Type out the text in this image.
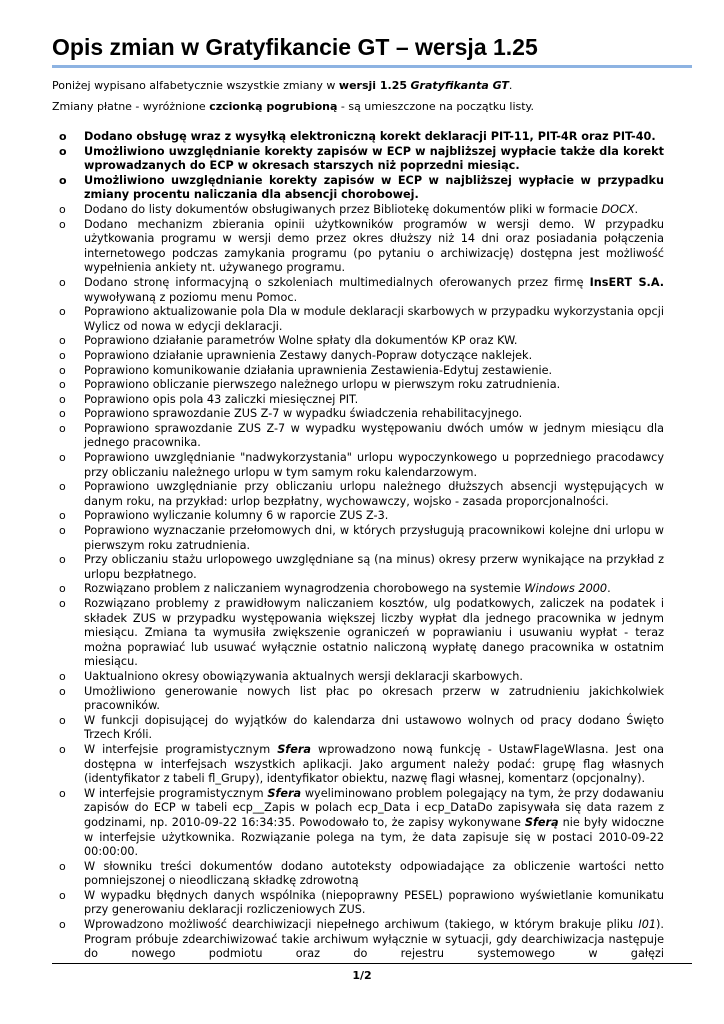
Opis zmian w Gratyfikancie GT – wersja 1.25

Poniżej wypisano alfabetycznie wszystkie zmiany w wersji 1.25 Gratyfikanta GT.

Zmiany płatne - wyróżnione czcionką pogrubioną - są umieszczone na początku listy.

o Dodano obsługę wraz z wysyłką elektroniczną korekt deklaracji PIT-11, PIT-4R oraz PIT-40.
o Umożliwiono uwzględnianie korekty zapisów w ECP w najbliższej wypłacie także dla korekt wprowadzanych do ECP w okresach starszych niż poprzedni miesiąc.
o Umożliwiono uwzględnianie korekty zapisów w ECP w najbliższej wypłacie w przypadku zmiany procentu naliczania dla absencji chorobowej.
o Dodano do listy dokumentów obsługiwanych przez Bibliotekę dokumentów pliki w formacie DOCX.
o Dodano mechanizm zbierania opinii użytkowników programów w wersji demo. W przypadku użytkowania programu w wersji demo przez okres dłuższy niż 14 dni oraz posiadania połączenia internetowego podczas zamykania programu (po pytaniu o archiwizację) dostępna jest możliwość wypełnienia ankiety nt. używanego programu.
o Dodano stronę informacyjną o szkoleniach multimedialnych oferowanych przez firmę InsERT S.A. wywoływaną z poziomu menu Pomoc.
o Poprawiono aktualizowanie pola Dla w module deklaracji skarbowych w przypadku wykorzystania opcji Wylicz od nowa w edycji deklaracji.
o Poprawiono działanie parametrów Wolne spłaty dla dokumentów KP oraz KW.
o Poprawiono działanie uprawnienia Zestawy danych-Popraw dotyczące naklejek.
o Poprawiono komunikowanie działania uprawnienia Zestawienia-Edytuj zestawienie.
o Poprawiono obliczanie pierwszego należnego urlopu w pierwszym roku zatrudnienia.
o Poprawiono opis pola 43 zaliczki miesięcznej PIT.
o Poprawiono sprawozdanie ZUS Z-7 w wypadku świadczenia rehabilitacyjnego.
o Poprawiono sprawozdanie ZUS Z-7 w wypadku występowaniu dwóch umów w jednym miesiącu dla jednego pracownika.
o Poprawiono uwzględnianie "nadwykorzystania" urlopu wypoczynkowego u poprzedniego pracodawcy przy obliczaniu należnego urlopu w tym samym roku kalendarzowym.
o Poprawiono uwzględnianie przy obliczaniu urlopu należnego dłuższych absencji występujących w danym roku, na przykład: urlop bezpłatny, wychowawczy, wojsko - zasada proporcjonalności.
o Poprawiono wyliczanie kolumny 6 w raporcie ZUS Z-3.
o Poprawiono wyznaczanie przełomowych dni, w których przysługują pracownikowi kolejne dni urlopu w pierwszym roku zatrudnienia.
o Przy obliczaniu stażu urlopowego uwzględniane są (na minus) okresy przerw wynikające na przykład z urlopu bezpłatnego.
o Rozwiązano problem z naliczaniem wynagrodzenia chorobowego na systemie Windows 2000.
o Rozwiązano problemy z prawidłowym naliczaniem kosztów, ulg podatkowych, zaliczek na podatek i składek ZUS w przypadku występowania większej liczby wypłat dla jednego pracownika w jednym miesiącu. Zmiana ta wymusiła zwiększenie ograniczeń w poprawianiu i usuwaniu wypłat - teraz można poprawiać lub usuwać wyłącznie ostatnio naliczoną wypłatę danego pracownika w ostatnim miesiącu.
o Uaktualniono okresy obowiązywania aktualnych wersji deklaracji skarbowych.
o Umożliwiono generowanie nowych list płac po okresach przerw w zatrudnieniu jakichkolwiek pracowników.
o W funkcji dopisującej do wyjątków do kalendarza dni ustawowo wolnych od pracy dodano Święto Trzech Króli.
o W interfejsie programistycznym Sfera wprowadzono nową funkcję - UstawFlageWlasna. Jest ona dostępna w interfejsach wszystkich aplikacji. Jako argument należy podać: grupę flag własnych (identyfikator z tabeli fl_Grupy), identyfikator obiektu, nazwę flagi własnej, komentarz (opcjonalny).
o W interfejsie programistycznym Sfera wyeliminowano problem polegający na tym, że przy dodawaniu zapisów do ECP w tabeli ecp__Zapis w polach ecp_Data i ecp_DataDo zapisywała się data razem z godzinami, np. 2010-09-22 16:34:35. Powodowało to, że zapisy wykonywane Sferą nie były widoczne w interfejsie użytkownika. Rozwiązanie polega na tym, że data zapisuje się w postaci 2010-09-22 00:00:00.
o W słowniku treści dokumentów dodano autoteksty odpowiadające za obliczenie wartości netto pomniejszonej o nieodliczaną składkę zdrowotną
o W wypadku błędnych danych wspólnika (niepoprawny PESEL) poprawiono wyświetlanie komunikatu przy generowaniu deklaracji rozliczeniowych ZUS.
o Wprowadzono możliwość dearchiwizacji niepełnego archiwum (takiego, w którym brakuje pliku I01). Program próbuje zdearchiwizować takie archiwum wyłącznie w sytuacji, gdy dearchiwizacja następuje do nowego podmiotu oraz do rejestru systemowego w gałęzi
1/2
